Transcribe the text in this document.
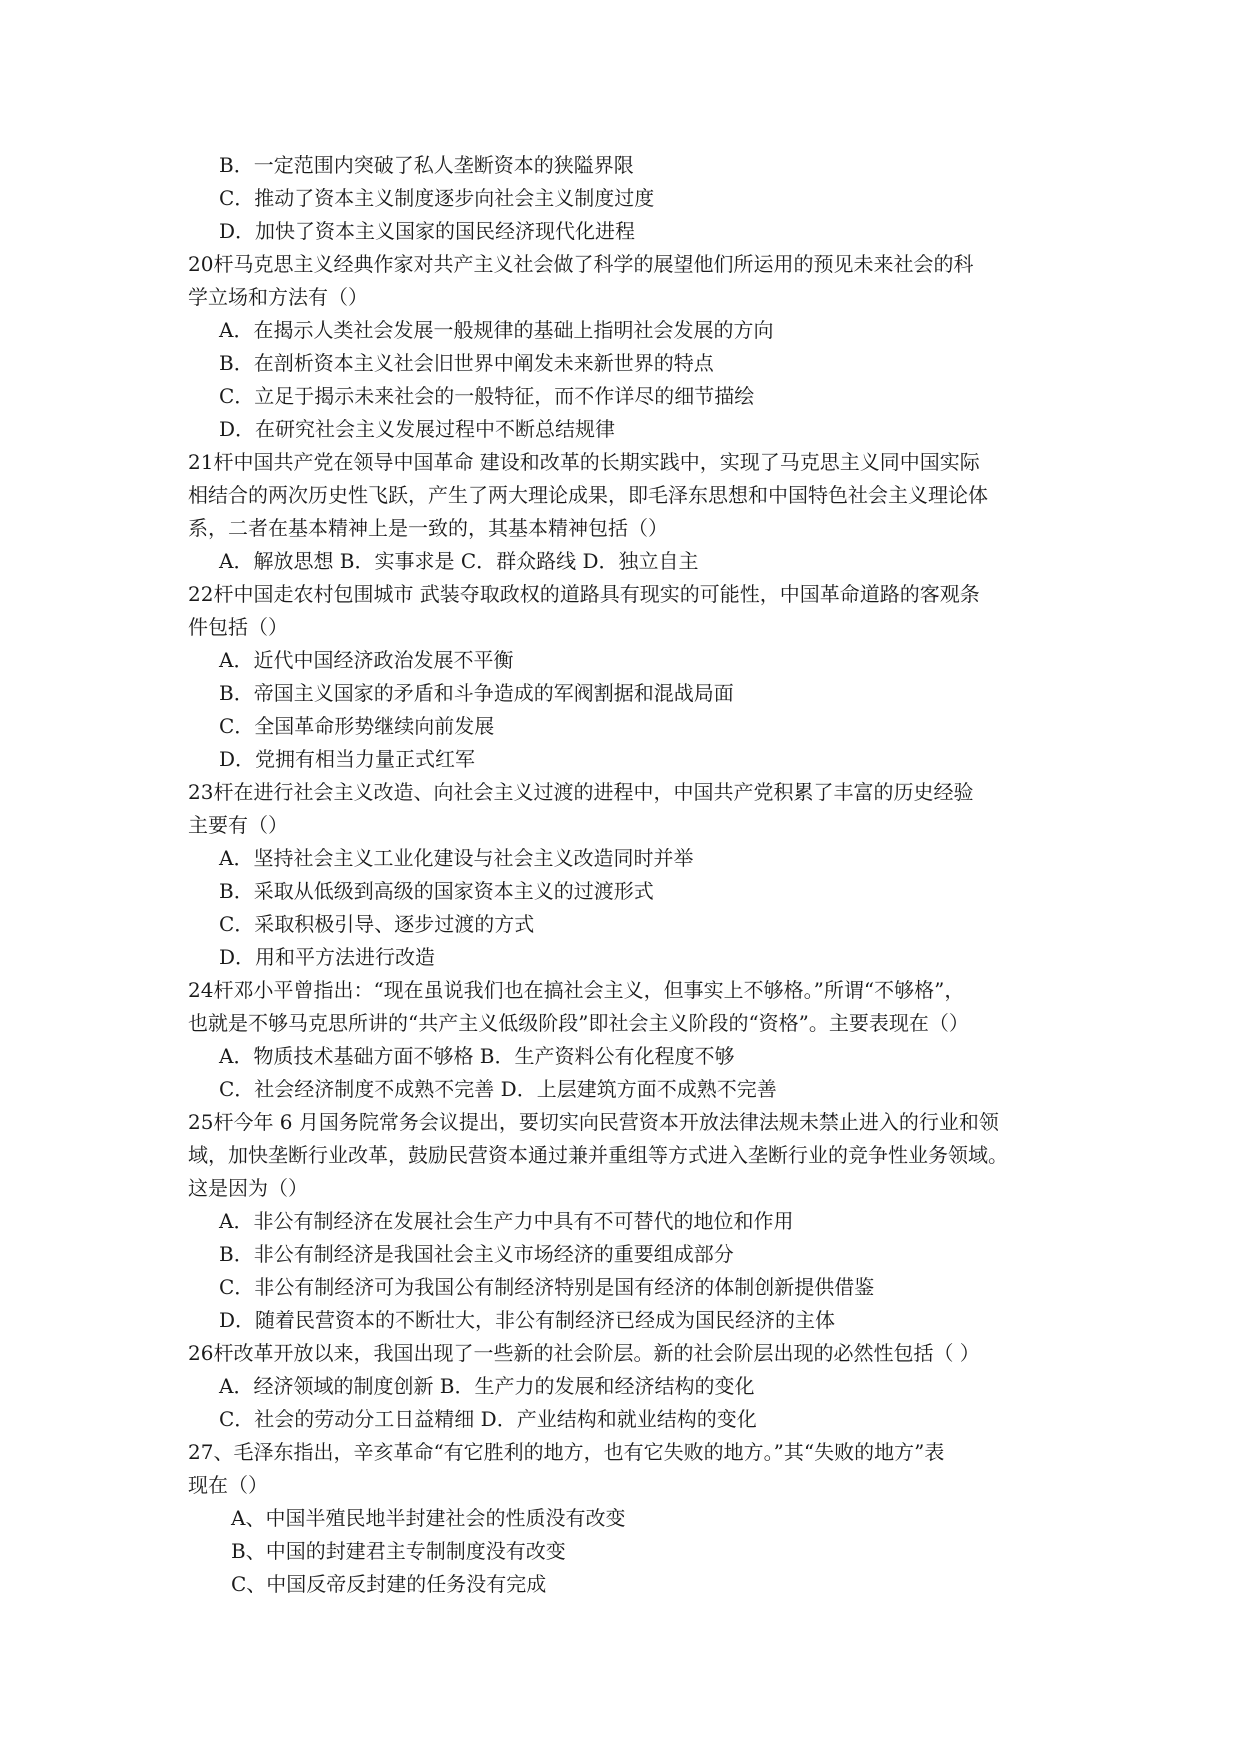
B．一定范围内突破了私人垄断资本的狭隘界限
C．推动了资本主义制度逐步向社会主义制度过度
D．加快了资本主义国家的国民经济现代化进程
20杆马克思主义经典作家对共产主义社会做了科学的展望他们所运用的预见未来社会的科
学立场和方法有（）
A．在揭示人类社会发展一般规律的基础上指明社会发展的方向
B．在剖析资本主义社会旧世界中阐发未来新世界的特点
C．立足于揭示未来社会的一般特征，而不作详尽的细节描绘
D．在研究社会主义发展过程中不断总结规律
21杆中国共产党在领导中国革命 建设和改革的长期实践中，实现了马克思主义同中国实际
相结合的两次历史性飞跃，产生了两大理论成果，即毛泽东思想和中国特色社会主义理论体
系，二者在基本精神上是一致的，其基本精神包括（）
A．解放思想 B．实事求是 C．群众路线 D．独立自主
22杆中国走农村包围城市 武装夺取政权的道路具有现实的可能性，中国革命道路的客观条
件包括（）
A．近代中国经济政治发展不平衡
B．帝国主义国家的矛盾和斗争造成的军阀割据和混战局面
C．全国革命形势继续向前发展
D．党拥有相当力量正式红军
23杆在进行社会主义改造、向社会主义过渡的进程中，中国共产党积累了丰富的历史经验
主要有（）
A．坚持社会主义工业化建设与社会主义改造同时并举
B．采取从低级到高级的国家资本主义的过渡形式
C．采取积极引导、逐步过渡的方式
D．用和平方法进行改造
24杆邓小平曾指出：“现在虽说我们也在搞社会主义，但事实上不够格。”所谓“不够格”，
也就是不够马克思所讲的“共产主义低级阶段”即社会主义阶段的“资格”。主要表现在（）
A．物质技术基础方面不够格 B．生产资料公有化程度不够
C．社会经济制度不成熟不完善 D．上层建筑方面不成熟不完善
25杆今年 6 月国务院常务会议提出，要切实向民营资本开放法律法规未禁止进入的行业和领
域，加快垄断行业改革，鼓励民营资本通过兼并重组等方式进入垄断行业的竞争性业务领域。
这是因为（）
A．非公有制经济在发展社会生产力中具有不可替代的地位和作用
B．非公有制经济是我国社会主义市场经济的重要组成部分
C．非公有制经济可为我国公有制经济特别是国有经济的体制创新提供借鉴
D．随着民营资本的不断壮大，非公有制经济已经成为国民经济的主体
26杆改革开放以来，我国出现了一些新的社会阶层。新的社会阶层出现的必然性包括（ ）
A．经济领域的制度创新 B．生产力的发展和经济结构的变化
C．社会的劳动分工日益精细 D．产业结构和就业结构的变化
27、毛泽东指出，辛亥革命“有它胜利的地方，也有它失败的地方。”其“失败的地方”表
现在（）
A、中国半殖民地半封建社会的性质没有改变
B、中国的封建君主专制制度没有改变
C、中国反帝反封建的任务没有完成
